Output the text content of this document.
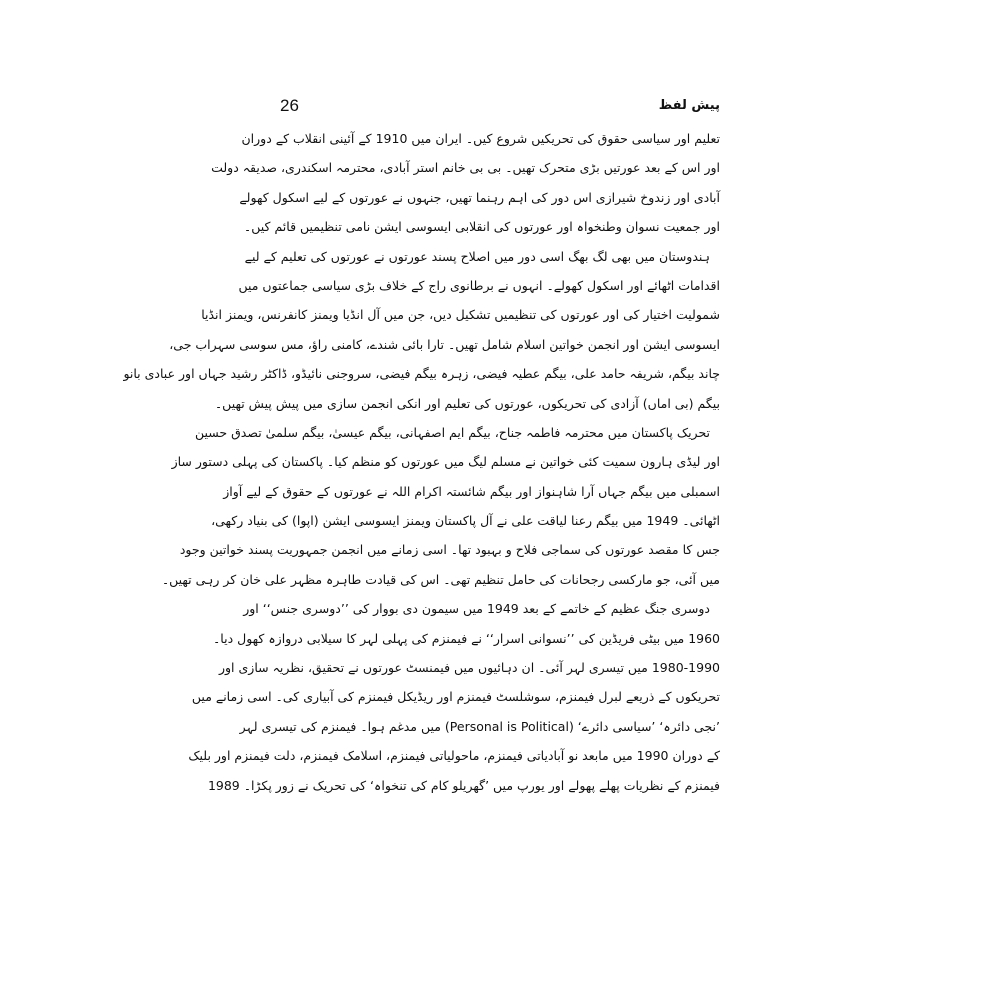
26	پیش لفظ
تعلیم اور سیاسی حقوق کی تحریکیں شروع کیں۔ ایران میں 1910 کے آئینی انقلاب کے دوران
اور اس کے بعد عورتیں بڑی متحرک تھیں۔ بی بی خانم استر آبادی، محترمہ اسکندری، صدیقہ دولت
آبادی اور زندوخ شیرازی اس دور کی اہم رہنما تھیں، جنہوں نے عورتوں کے لیے اسکول کھولے
اور جمعیت نسوان وطنخواہ اور عورتوں کی انقلابی ایسوسی ایشن نامی تنظیمیں قائم کیں۔
ہندوستان میں بھی لگ بھگ اسی دور میں اصلاح پسند عورتوں نے عورتوں کی تعلیم کے لیے
اقدامات اٹھائے اور اسکول کھولے۔ انہوں نے برطانوی راج کے خلاف بڑی سیاسی جماعتوں میں
شمولیت اختیار کی اور عورتوں کی تنظیمیں تشکیل دیں، جن میں آل انڈیا ویمنز کانفرنس، ویمنز انڈیا
ایسوسی ایشن اور انجمن خواتین اسلام شامل تھیں۔ تارا بائی شندے، کامنی راؤ، مس سوسی سہراب جی،
چاند بیگم، شریفہ حامد علی، بیگم عطیہ فیضی، زہرہ بیگم فیضی، سروجنی نائیڈو، ڈاکٹر رشید جہاں اور عبادی بانو
بیگم (بی اماں) آزادی کی تحریکوں، عورتوں کی تعلیم اور انکی انجمن سازی میں پیش پیش تھیں۔
تحریک پاکستان میں محترمہ فاطمہ جناح، بیگم ایم اصفہانی، بیگم عیسیٰ، بیگم سلمیٰ تصدق حسین
اور لیڈی ہارون سمیت کئی خواتین نے مسلم لیگ میں عورتوں کو منظم کیا۔ پاکستان کی پہلی دستور ساز
اسمبلی میں بیگم جہاں آرا شاہنواز اور بیگم شائستہ اکرام اللہ نے عورتوں کے حقوق کے لیے آواز
اٹھائی۔ 1949 میں بیگم رعنا لیاقت علی نے آل پاکستان ویمنز ایسوسی ایشن (اپوا) کی بنیاد رکھی،
جس کا مقصد عورتوں کی سماجی فلاح و بہبود تھا۔ اسی زمانے میں انجمن جمہوریت پسند خواتین وجود
میں آئی، جو مارکسی رجحانات کی حامل تنظیم تھی۔ اس کی قیادت طاہرہ مظہر علی خان کر رہی تھیں۔
دوسری جنگ عظیم کے خاتمے کے بعد 1949 میں سیمون دی بووار کی ’’دوسری جنس‘‘ اور
1960 میں بیٹی فریڈین کی ’’نسوانی اسرار‘‘ نے فیمنزم کی پہلی لہر کا سیلابی دروازہ کھول دیا۔
1980-1990 میں تیسری لہر آئی۔ ان دہائیوں میں فیمنسٹ عورتوں نے تحقیق، نظریہ سازی اور
تحریکوں کے ذریعے لبرل فیمنزم، سوشلسٹ فیمنزم اور ریڈیکل فیمنزم کی آبیاری کی۔ اسی زمانے میں
’نجی دائرہ‘ ’سیاسی دائرے‘ (Personal is Political) میں مدغم ہوا۔ فیمنزم کی تیسری لہر
کے دوران 1990 میں مابعد نو آبادیاتی فیمنزم، ماحولیاتی فیمنزم، اسلامک فیمنزم، دلت فیمنزم اور بلیک
فیمنزم کے نظریات پھلے پھولے اور یورپ میں ’گھریلو کام کی تنخواہ‘ کی تحریک نے زور پکڑا۔ 1989
